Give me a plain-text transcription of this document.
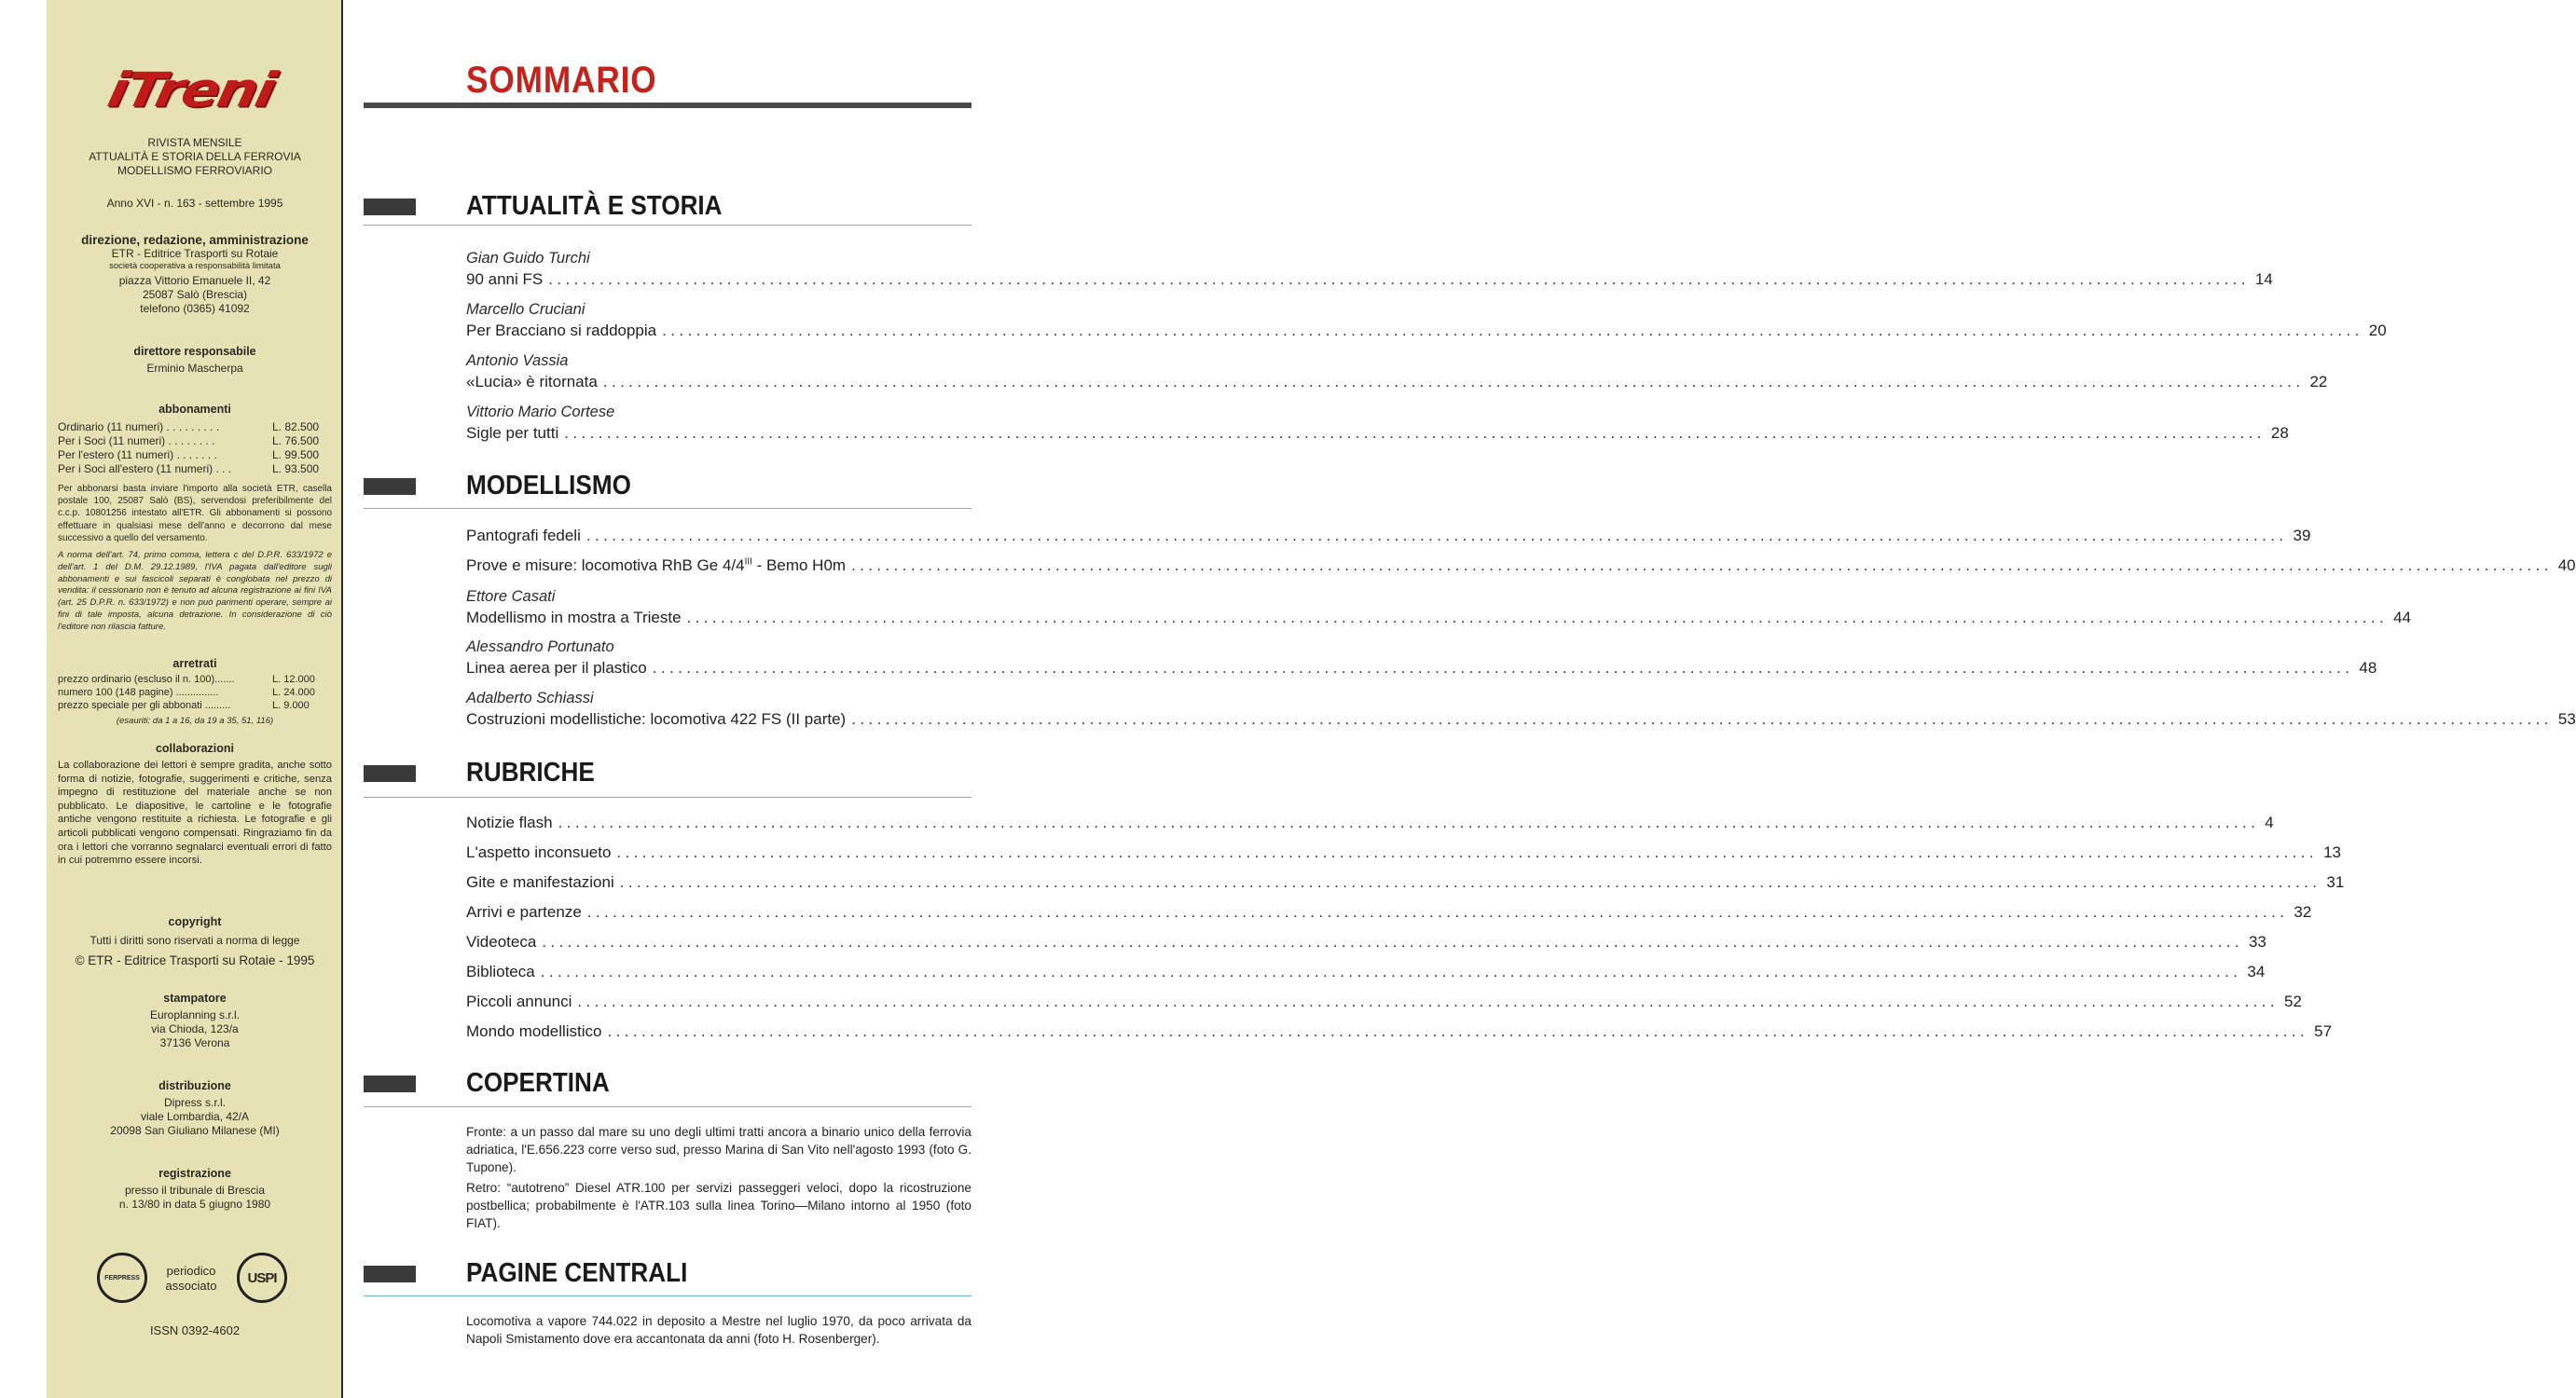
iTreni
RIVISTA MENSILE
ATTUALITÀ E STORIA DELLA FERROVIA
MODELLISMO FERROVIARIO
Anno XVI - n. 163 - settembre 1995
direzione, redazione, amministrazione
ETR - Editrice Trasporti su Rotaie
società cooperativa a responsabilità limitata
piazza Vittorio Emanuele II, 42
25087 Salò (Brescia)
telefono (0365) 41092
direttore responsabile
Erminio Mascherpa
abbonamenti
Ordinario (11 numeri) . . . . . . . . .	L. 82.500
Per i Soci (11 numeri) . . . . . . . .	L. 76.500
Per l'estero (11 numeri) . . . . . . .	L. 99.500
Per i Soci all'estero (11 numeri) . . .	L. 93.500
Per abbonarsi basta inviare l'importo alla società ETR, casella postale 100, 25087 Salò (BS), servendosi preferibilmente del c.c.p. 10801256 intestato all'ETR. Gli abbonamenti si possono effettuare in qualsiasi mese dell'anno e decorrono dal mese successivo a quello del versamento.
A norma dell'art. 74, primo comma, lettera c del D.P.R. 633/1972 e dell'art. 1 del D.M. 29.12.1989, l'IVA pagata dall'editore sugli abbonamenti e sui fascicoli separati è conglobata nel prezzo di vendita: il cessionario non è tenuto ad alcuna registrazione ai fini IVA (art. 25 D.P.R. n. 633/1972) e non può parimenti operare, sempre ai fini di tale imposta, alcuna detrazione. In considerazione di ciò l'editore non rilascia fatture.
arretrati
prezzo ordinario (escluso il n. 100).......	L. 12.000
numero 100 (148 pagine) ...............	L. 24.000
prezzo speciale per gli abbonati .........	L. 9.000
(esauriti: da 1 a 16, da 19 a 35, 51, 116)
collaborazioni
La collaborazione dei lettori è sempre gradita, anche sotto forma di notizie, fotografie, suggerimenti e critiche, senza impegno di restituzione del materiale anche se non pubblicato. Le diapositive, le cartoline e le fotografie antiche vengono restituite a richiesta. Le fotografie e gli articoli pubblicati vengono compensati. Ringraziamo fin da ora i lettori che vorranno segnalarci eventuali errori di fatto in cui potremmo essere incorsi.
copyright
Tutti i diritti sono riservati a norma di legge
© ETR - Editrice Trasporti su Rotaie - 1995
stampatore
Europlanning s.r.l.
via Chioda, 123/a
37136 Verona
distribuzione
Dipress s.r.l.
viale Lombardia, 42/A
20098 San Giuliano Milanese (MI)
registrazione
presso il tribunale di Brescia
n. 13/80 in data 5 giugno 1980
FERPRESS	periodico
associato	USPI
ISSN 0392-4602
SOMMARIO
ATTUALITÀ E STORIA
Gian Guido Turchi
90 anni FS ........................................................................................................................................................................................................ 14
Marcello Cruciani
Per Bracciano si raddoppia ........................................................................................................................................................................................................ 20
Antonio Vassia
«Lucia» è ritornata ........................................................................................................................................................................................................ 22
Vittorio Mario Cortese
Sigle per tutti ........................................................................................................................................................................................................ 28
MODELLISMO
Pantografi fedeli ........................................................................................................................................................................................................ 39
Prove e misure: locomotiva RhB Ge $4/4^{III}$ - Bemo H0m ........................................................................................................................................................................................................ 40
Ettore Casati
Modellismo in mostra a Trieste ........................................................................................................................................................................................................ 44
Alessandro Portunato
Linea aerea per il plastico ........................................................................................................................................................................................................ 48
Adalberto Schiassi
Costruzioni modellistiche: locomotiva 422 FS (II parte) ........................................................................................................................................................................................................ 53
RUBRICHE
Notizie flash ........................................................................................................................................................................................................ 4
L'aspetto inconsueto ........................................................................................................................................................................................................ 13
Gite e manifestazioni ........................................................................................................................................................................................................ 31
Arrivi e partenze ........................................................................................................................................................................................................ 32
Videoteca ........................................................................................................................................................................................................ 33
Biblioteca ........................................................................................................................................................................................................ 34
Piccoli annunci ........................................................................................................................................................................................................ 52
Mondo modellistico ........................................................................................................................................................................................................ 57
COPERTINA
Fronte: a un passo dal mare su uno degli ultimi tratti ancora a binario unico della ferrovia adriatica, l'E.656.223 corre verso sud, presso Marina di San Vito nell'agosto 1993 (foto G. Tupone).
Retro: “autotreno” Diesel ATR.100 per servizi passeggeri veloci, dopo la ricostruzione postbellica; probabilmente è l'ATR.103 sulla linea Torino—Milano intorno al 1950 (foto FIAT).
PAGINE CENTRALI
Locomotiva a vapore 744.022 in deposito a Mestre nel luglio 1970, da poco arrivata da Napoli Smistamento dove era accantonata da anni (foto H. Rosenberger).
